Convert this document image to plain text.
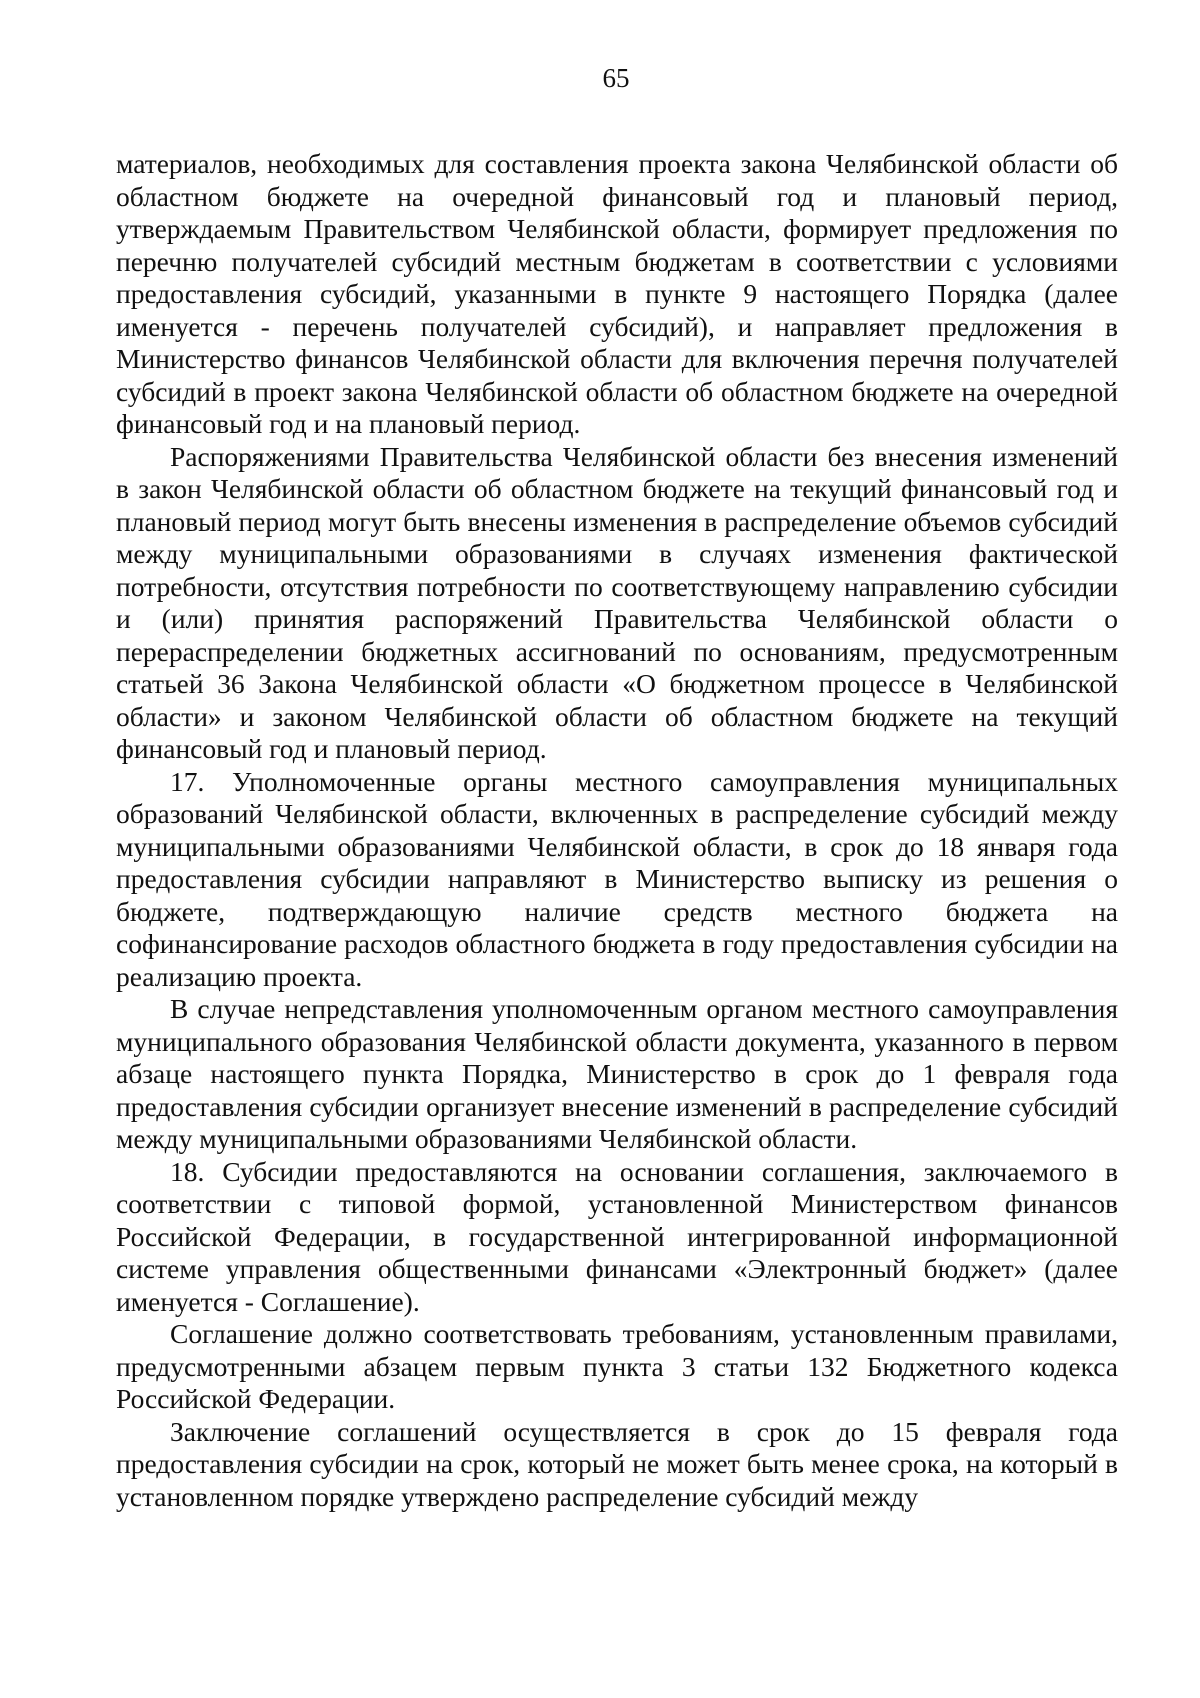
65

материалов, необходимых для составления проекта закона Челябинской области об областном бюджете на очередной финансовый год и плановый период, утверждаемым Правительством Челябинской области, формирует предложения по перечню получателей субсидий местным бюджетам в соответствии с условиями предоставления субсидий, указанными в пункте 9 настоящего Порядка (далее именуется - перечень получателей субсидий), и направляет предложения в Министерство финансов Челябинской области для включения перечня получателей субсидий в проект закона Челябинской области об областном бюджете на очередной финансовый год и на плановый период.

Распоряжениями Правительства Челябинской области без внесения изменений в закон Челябинской области об областном бюджете на текущий финансовый год и плановый период могут быть внесены изменения в распределение объемов субсидий между муниципальными образованиями в случаях изменения фактической потребности, отсутствия потребности по соответствующему направлению субсидии и (или) принятия распоряжений Правительства Челябинской области о перераспределении бюджетных ассигнований по основаниям, предусмотренным статьей 36 Закона Челябинской области «О бюджетном процессе в Челябинской области» и законом Челябинской области об областном бюджете на текущий финансовый год и плановый период.

17. Уполномоченные органы местного самоуправления муниципальных образований Челябинской области, включенных в распределение субсидий между муниципальными образованиями Челябинской области, в срок до 18 января года предоставления субсидии направляют в Министерство выписку из решения о бюджете, подтверждающую наличие средств местного бюджета на софинансирование расходов областного бюджета в году предоставления субсидии на реализацию проекта.

В случае непредставления уполномоченным органом местного самоуправления муниципального образования Челябинской области документа, указанного в первом абзаце настоящего пункта Порядка, Министерство в срок до 1 февраля года предоставления субсидии организует внесение изменений в распределение субсидий между муниципальными образованиями Челябинской области.

18. Субсидии предоставляются на основании соглашения, заключаемого в соответствии с типовой формой, установленной Министерством финансов Российской Федерации, в государственной интегрированной информационной системе управления общественными финансами «Электронный бюджет» (далее именуется - Соглашение).

Соглашение должно соответствовать требованиям, установленным правилами, предусмотренными абзацем первым пункта 3 статьи 132 Бюджетного кодекса Российской Федерации.

Заключение соглашений осуществляется в срок до 15 февраля года предоставления субсидии на срок, который не может быть менее срока, на который в установленном порядке утверждено распределение субсидий между
